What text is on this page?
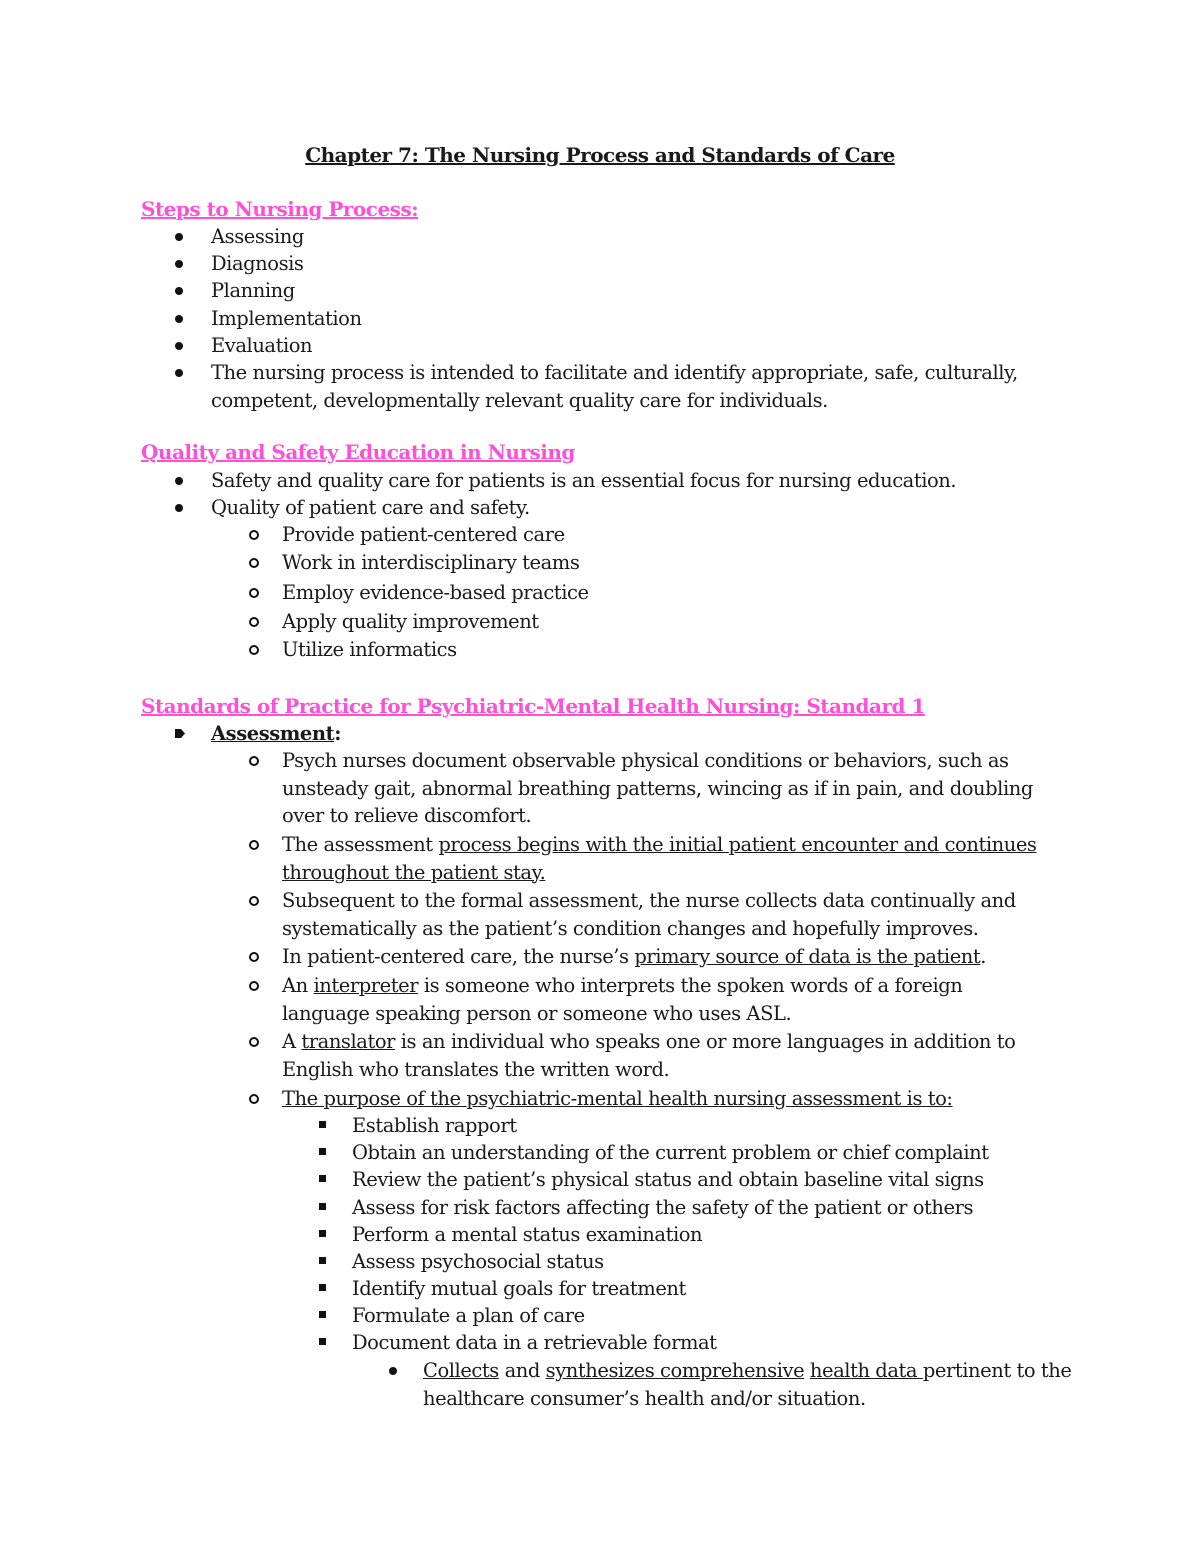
Chapter 7: The Nursing Process and Standards of Care
Steps to Nursing Process:
Assessing
Diagnosis
Planning
Implementation
Evaluation
The nursing process is intended to facilitate and identify appropriate, safe, culturally, competent, developmentally relevant quality care for individuals.
Quality and Safety Education in Nursing
Safety and quality care for patients is an essential focus for nursing education.
Quality of patient care and safety.
Provide patient-centered care
Work in interdisciplinary teams
Employ evidence-based practice
Apply quality improvement
Utilize informatics
Standards of Practice for Psychiatric-Mental Health Nursing: Standard 1
Assessment:
Psych nurses document observable physical conditions or behaviors, such as unsteady gait, abnormal breathing patterns, wincing as if in pain, and doubling over to relieve discomfort.
The assessment process begins with the initial patient encounter and continues throughout the patient stay.
Subsequent to the formal assessment, the nurse collects data continually and systematically as the patient’s condition changes and hopefully improves.
In patient-centered care, the nurse’s primary source of data is the patient.
An interpreter is someone who interprets the spoken words of a foreign language speaking person or someone who uses ASL.
A translator is an individual who speaks one or more languages in addition to English who translates the written word.
The purpose of the psychiatric-mental health nursing assessment is to:
Establish rapport
Obtain an understanding of the current problem or chief complaint
Review the patient’s physical status and obtain baseline vital signs
Assess for risk factors affecting the safety of the patient or others
Perform a mental status examination
Assess psychosocial status
Identify mutual goals for treatment
Formulate a plan of care
Document data in a retrievable format
Collects and synthesizes comprehensive health data pertinent to the healthcare consumer’s health and/or situation.
